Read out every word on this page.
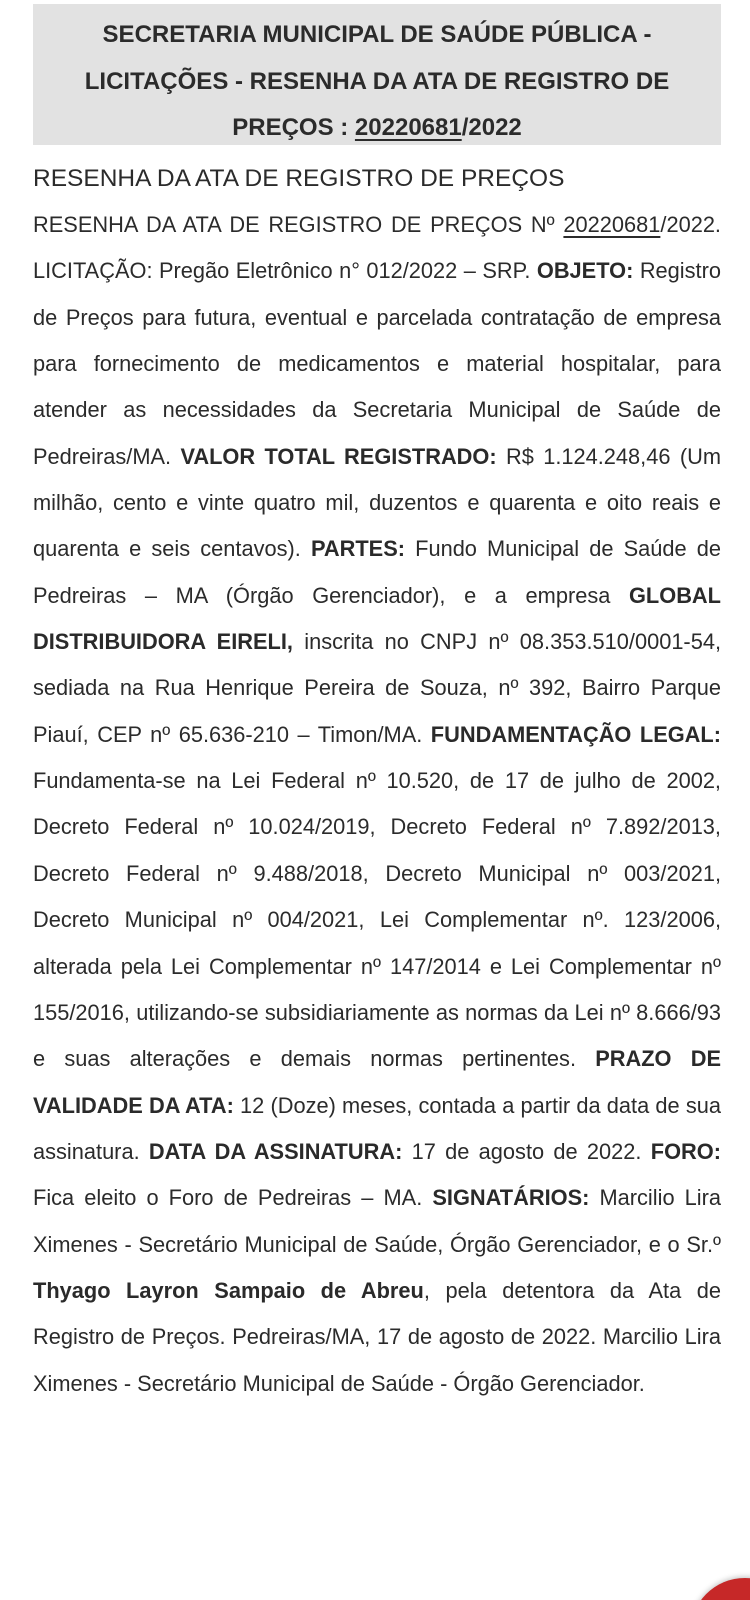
SECRETARIA MUNICIPAL DE SAÚDE PÚBLICA -
LICITAÇÕES - RESENHA DA ATA DE REGISTRO DE
PREÇOS : 20220681/2022

RESENHA DA ATA DE REGISTRO DE PREÇOS

RESENHA DA ATA DE REGISTRO DE PREÇOS Nº 20220681/2022. LICITAÇÃO: Pregão Eletrônico n° 012/2022 – SRP. OBJETO: Registro de Preços para futura, eventual e parcelada contratação de empresa para fornecimento de medicamentos e material hospitalar, para atender as necessidades da Secretaria Municipal de Saúde de Pedreiras/MA. VALOR TOTAL REGISTRADO: R$ 1.124.248,46 (Um milhão, cento e vinte quatro mil, duzentos e quarenta e oito reais e quarenta e seis centavos). PARTES: Fundo Municipal de Saúde de Pedreiras – MA (Órgão Gerenciador), e a empresa GLOBAL DISTRIBUIDORA EIRELI, inscrita no CNPJ nº 08.353.510/0001-54, sediada na Rua Henrique Pereira de Souza, nº 392, Bairro Parque Piauí, CEP nº 65.636-210 – Timon/MA. FUNDAMENTAÇÃO LEGAL: Fundamenta-se na Lei Federal nº 10.520, de 17 de julho de 2002, Decreto Federal nº 10.024/2019, Decreto Federal nº 7.892/2013, Decreto Federal nº 9.488/2018, Decreto Municipal nº 003/2021, Decreto Municipal nº 004/2021, Lei Complementar nº. 123/2006, alterada pela Lei Complementar nº 147/2014 e Lei Complementar nº 155/2016, utilizando-se subsidiariamente as normas da Lei nº 8.666/93 e suas alterações e demais normas pertinentes. PRAZO DE VALIDADE DA ATA: 12 (Doze) meses, contada a partir da data de sua assinatura. DATA DA ASSINATURA: 17 de agosto de 2022. FORO: Fica eleito o Foro de Pedreiras – MA. SIGNATÁRIOS: Marcilio Lira Ximenes - Secretário Municipal de Saúde, Órgão Gerenciador, e o Sr.º Thyago Layron Sampaio de Abreu, pela detentora da Ata de Registro de Preços. Pedreiras/MA, 17 de agosto de 2022. Marcilio Lira Ximenes - Secretário Municipal de Saúde - Órgão Gerenciador.
